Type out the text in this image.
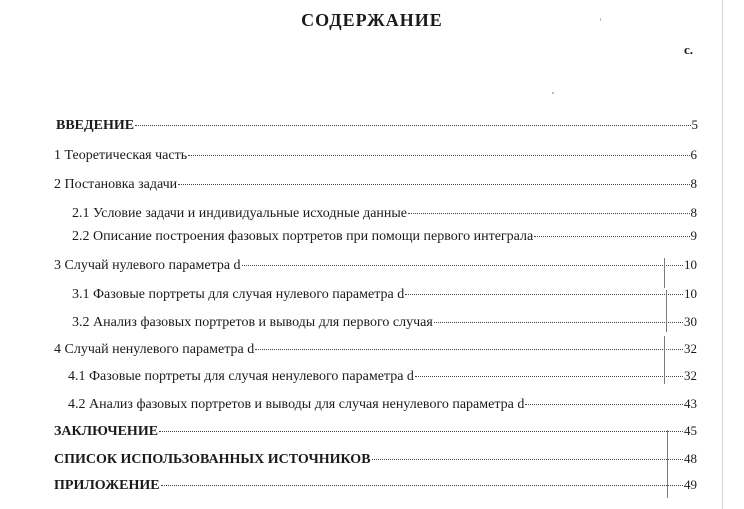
СОДЕРЖАНИЕ
с.
ВВЕДЕНИЕ	5
1 Теоретическая часть	6
2 Постановка задачи	8
2.1 Условие задачи и индивидуальные исходные данные	8
2.2 Описание построения фазовых портретов при помощи первого интеграла	9
3 Случай нулевого параметра d	10
3.1 Фазовые портреты для случая нулевого параметра d	10
3.2 Анализ фазовых портретов и выводы для первого случая	30
4 Случай ненулевого параметра d	32
4.1 Фазовые портреты для случая ненулевого параметра d	32
4.2 Анализ фазовых портретов и выводы для случая ненулевого параметра d	43
ЗАКЛЮЧЕНИЕ	45
СПИСОК ИСПОЛЬЗОВАННЫХ ИСТОЧНИКОВ	48
ПРИЛОЖЕНИЕ	49
